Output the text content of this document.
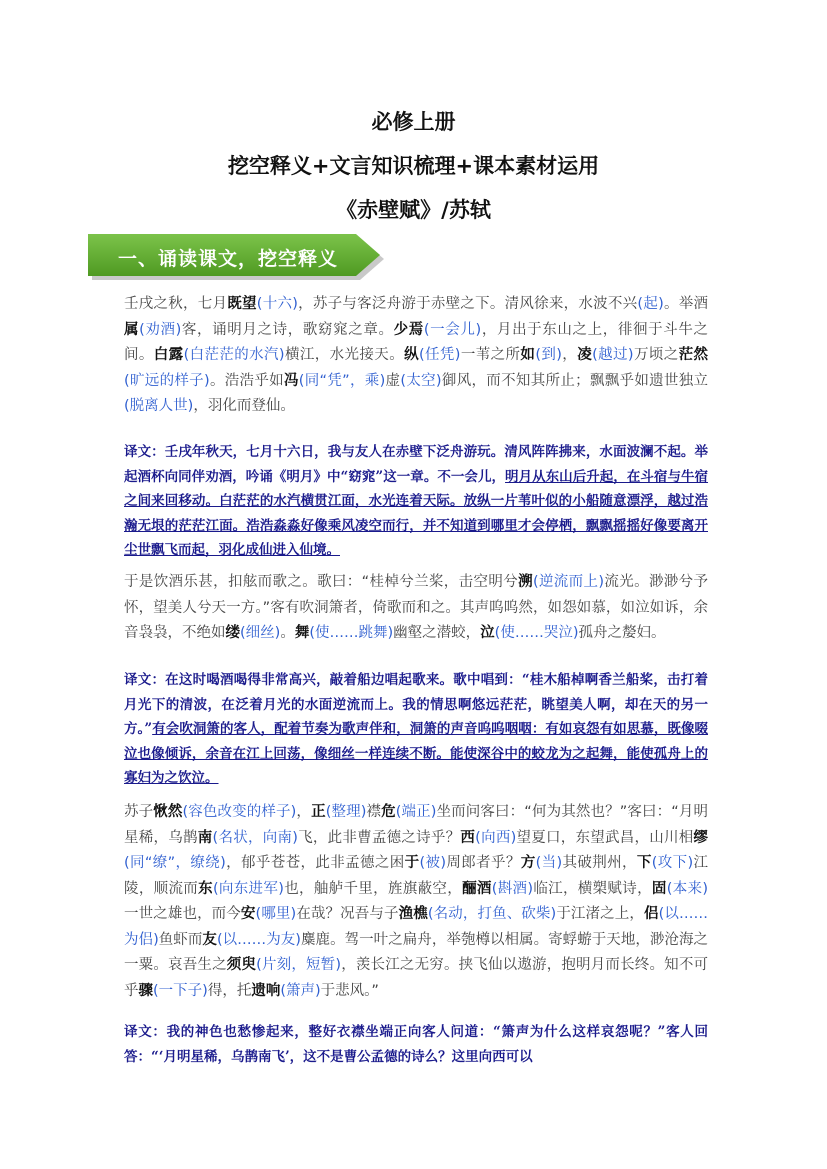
必修上册
挖空释义+文言知识梳理+课本素材运用
《赤壁赋》/苏轼
一、诵读课文，挖空释义
壬戌之秋，七月既望(十六)，苏子与客泛舟游于赤壁之下。清风徐来，水波不兴(起)。举酒属(劝酒)客，诵明月之诗，歌窈窕之章。少焉(一会儿)，月出于东山之上，徘徊于斗牛之间。白露(白茫茫的水汽)横江，水光接天。纵(任凭)一苇之所如(到)，凌(越过)万顷之茫然(旷远的样子)。浩浩乎如冯(同“凭”，乘)虚(太空)御风，而不知其所止；飘飘乎如遗世独立(脱离人世)，羽化而登仙。
译文：壬戌年秋天，七月十六日，我与友人在赤壁下泛舟游玩。清风阵阵拂来，水面波澜不起。举起酒杯向同伴劝酒，吟诵《明月》中“窈窕”这一章。不一会儿，明月从东山后升起，在斗宿与牛宿之间来回移动。白茫茫的水汽横贯江面，水光连着天际。放纵一片苇叶似的小船随意漂浮，越过浩瀚无垠的茫茫江面。浩浩淼淼好像乘风凌空而行，并不知道到哪里才会停栖，飘飘摇摇好像要离开尘世飘飞而起，羽化成仙进入仙境。
于是饮酒乐甚，扣舷而歌之。歌曰：“桂棹兮兰桨，击空明兮溯(逆流而上)流光。渺渺兮予怀，望美人兮天一方。”客有吹洞箫者，倚歌而和之。其声呜呜然，如怨如慕，如泣如诉，余音袅袅，不绝如缕(细丝)。舞(使……跳舞)幽壑之潜蛟，泣(使……哭泣)孤舟之嫠妇。
译文：在这时喝酒喝得非常高兴，敲着船边唱起歌来。歌中唱到：“桂木船棹啊香兰船桨，击打着月光下的清波，在泛着月光的水面逆流而上。我的情思啊悠远茫茫，眺望美人啊，却在天的另一方。”有会吹洞箫的客人，配着节奏为歌声伴和，洞箫的声音呜呜咽咽：有如哀怨有如思慕，既像啜泣也像倾诉，余音在江上回荡，像细丝一样连续不断。能使深谷中的蛟龙为之起舞，能使孤舟上的寡妇为之饮泣。
苏子愀然(容色改变的样子)，正(整理)襟危(端正)坐而问客曰：“何为其然也？”客曰：“月明星稀，乌鹊南(名状，向南)飞，此非曹孟德之诗乎？西(向西)望夏口，东望武昌，山川相缪(同“缭”，缭绕)，郁乎苍苍，此非孟德之困于(被)周郎者乎？方(当)其破荆州，下(攻下)江陵，顺流而东(向东进军)也，舳舻千里，旌旗蔽空，酾酒(斟酒)临江，横槊赋诗，固(本来)一世之雄也，而今安(哪里)在哉？况吾与子渔樵(名动，打鱼、砍柴)于江渚之上，侣(以……为侣)鱼虾而友(以……为友)麋鹿。驾一叶之扁舟，举匏樽以相属。寄蜉蝣于天地，渺沧海之一粟。哀吾生之须臾(片刻，短暂)，羡长江之无穷。挟飞仙以遨游，抱明月而长终。知不可乎骤(一下子)得，托遗响(箫声)于悲风。”
译文：我的神色也愁惨起来，整好衣襟坐端正向客人问道：“箫声为什么这样哀怨呢？”客人回答：“‘月明星稀，乌鹊南飞’，这不是曹公孟德的诗么？这里向西可以
